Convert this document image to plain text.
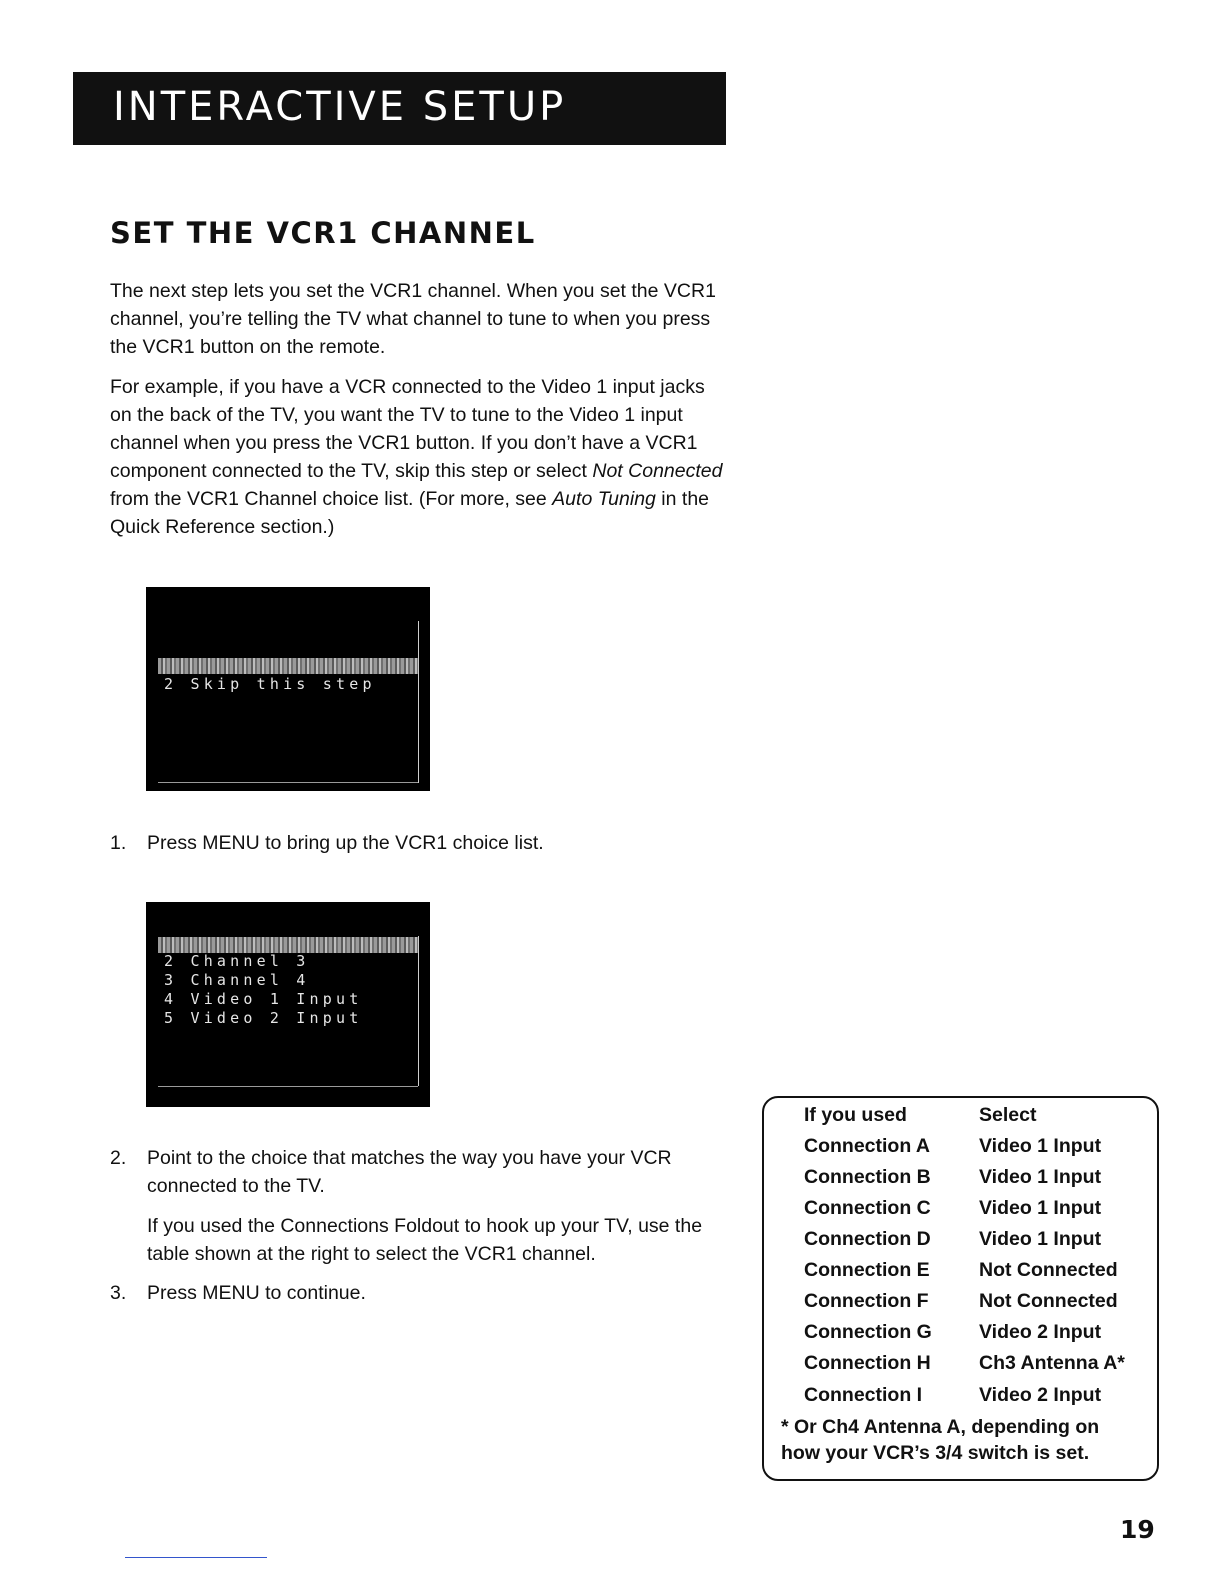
INTERACTIVE SETUP
SET THE VCR1 CHANNEL

The next step lets you set the VCR1 channel. When you set the VCR1 channel, you’re telling the TV what channel to tune to when you press the VCR1 button on the remote.

For example, if you have a VCR connected to the Video 1 input jacks on the back of the TV, you want the TV to tune to the Video 1 input channel when you press the VCR1 button. If you don’t have a VCR1 component connected to the TV, skip this step or select Not Connected from the VCR1 Channel choice list. (For more, see Auto Tuning in the Quick Reference section.)

2 Skip this step
1.	Press MENU to bring up the VCR1 choice list.
2 Channel 3
3 Channel 4
4 Video 1 Input
5 Video 2 Input
2.	Point to the choice that matches the way you have your VCR connected to the TV.
If you used the Connections Foldout to hook up your TV, use the table shown at the right to select the VCR1 channel.
3.	Press MENU to continue.
If you used	Select
Connection A	Video 1 Input
Connection B Video 1 Input
Connection C Video 1 Input
Connection D Video 1 Input
Connection E	Not Connected
Connection F	Not Connected
Connection G Video 2 Input
Connection H Ch3 Antenna A*
Connection I	Video 2 Input
* Or Ch4 Antenna A, depending on how your VCR’s 3/4 switch is set.
19
